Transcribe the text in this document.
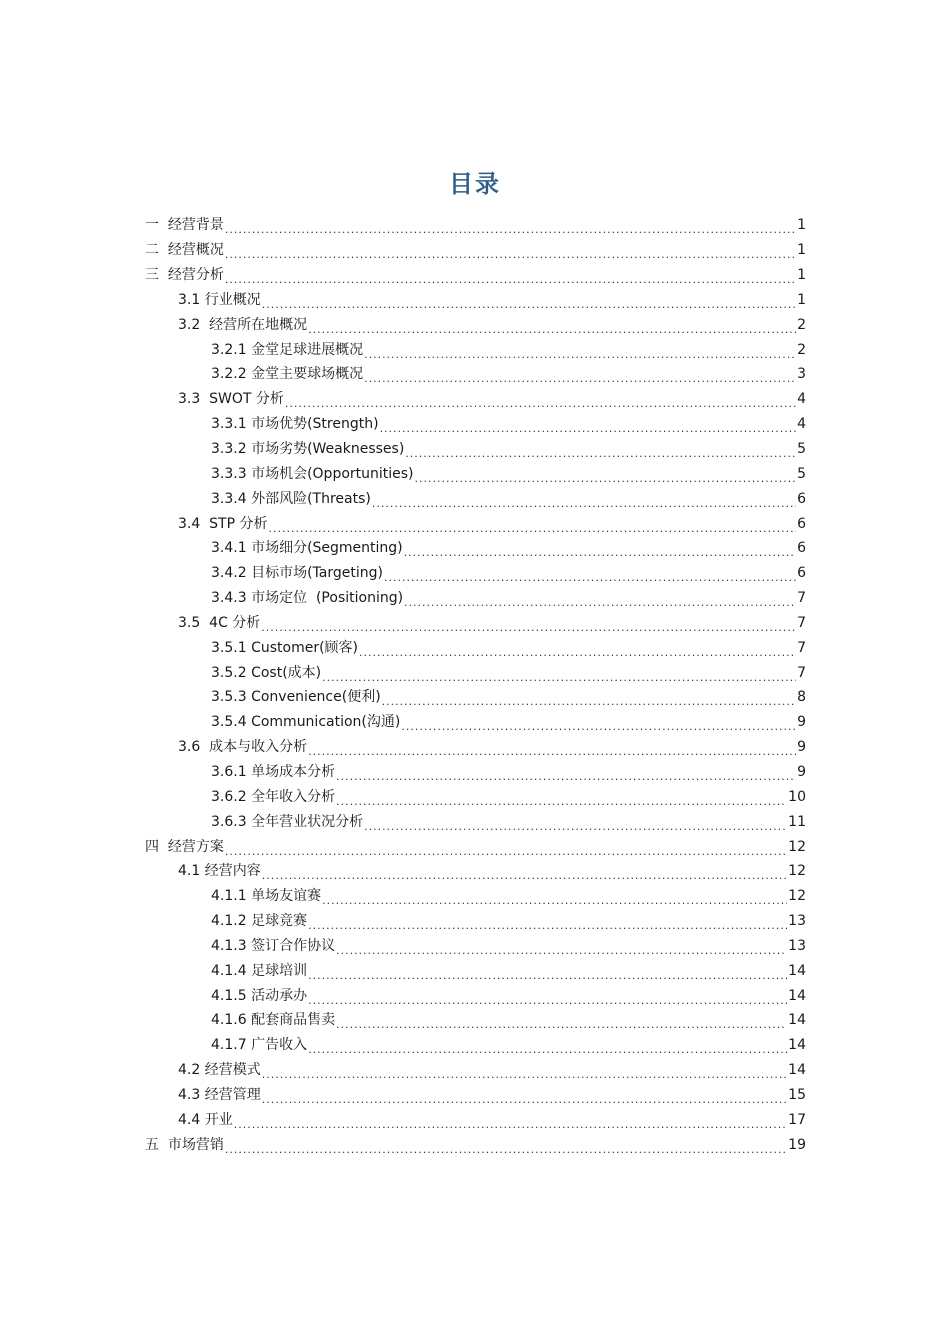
目录
一  经营背景 .....	1
二  经营概况 .....	1
三  经营分析 .....	1
3.1 行业概况 .....	1
3.2  经营所在地概况 .....	2
3.2.1 金堂足球进展概况 .....	2
3.2.2 金堂主要球场概况 .....	3
3.3  SWOT 分析 .....	4
3.3.1 市场优势(Strength) .....	4
3.3.2 市场劣势(Weaknesses) .....	5
3.3.3 市场机会(Opportunities) .....	5
3.3.4 外部风险(Threats) .....	6
3.4  STP 分析 .....	6
3.4.1 市场细分(Segmenting) .....	6
3.4.2 目标市场(Targeting) .....	6
3.4.3 市场定位  (Positioning) .....	7
3.5  4C 分析 .....	7
3.5.1 Customer(顾客) .....	7
3.5.2 Cost(成本) .....	7
3.5.3 Convenience(便利) .....	8
3.5.4 Communication(沟通) .....	9
3.6  成本与收入分析 .....	9
3.6.1 单场成本分析 .....	9
3.6.2 全年收入分析 .....	10
3.6.3 全年营业状况分析 .....	11
四  经营方案 .....	12
4.1 经营内容 .....	12
4.1.1 单场友谊赛 .....	12
4.1.2 足球竞赛 .....	13
4.1.3 签订合作协议 .....	13
4.1.4 足球培训 .....	14
4.1.5 活动承办 .....	14
4.1.6 配套商品售卖 .....	14
4.1.7 广告收入 .....	14
4.2 经营模式 .....	14
4.3 经营管理 .....	15
4.4 开业 .....	17
五  市场营销 .....	19
